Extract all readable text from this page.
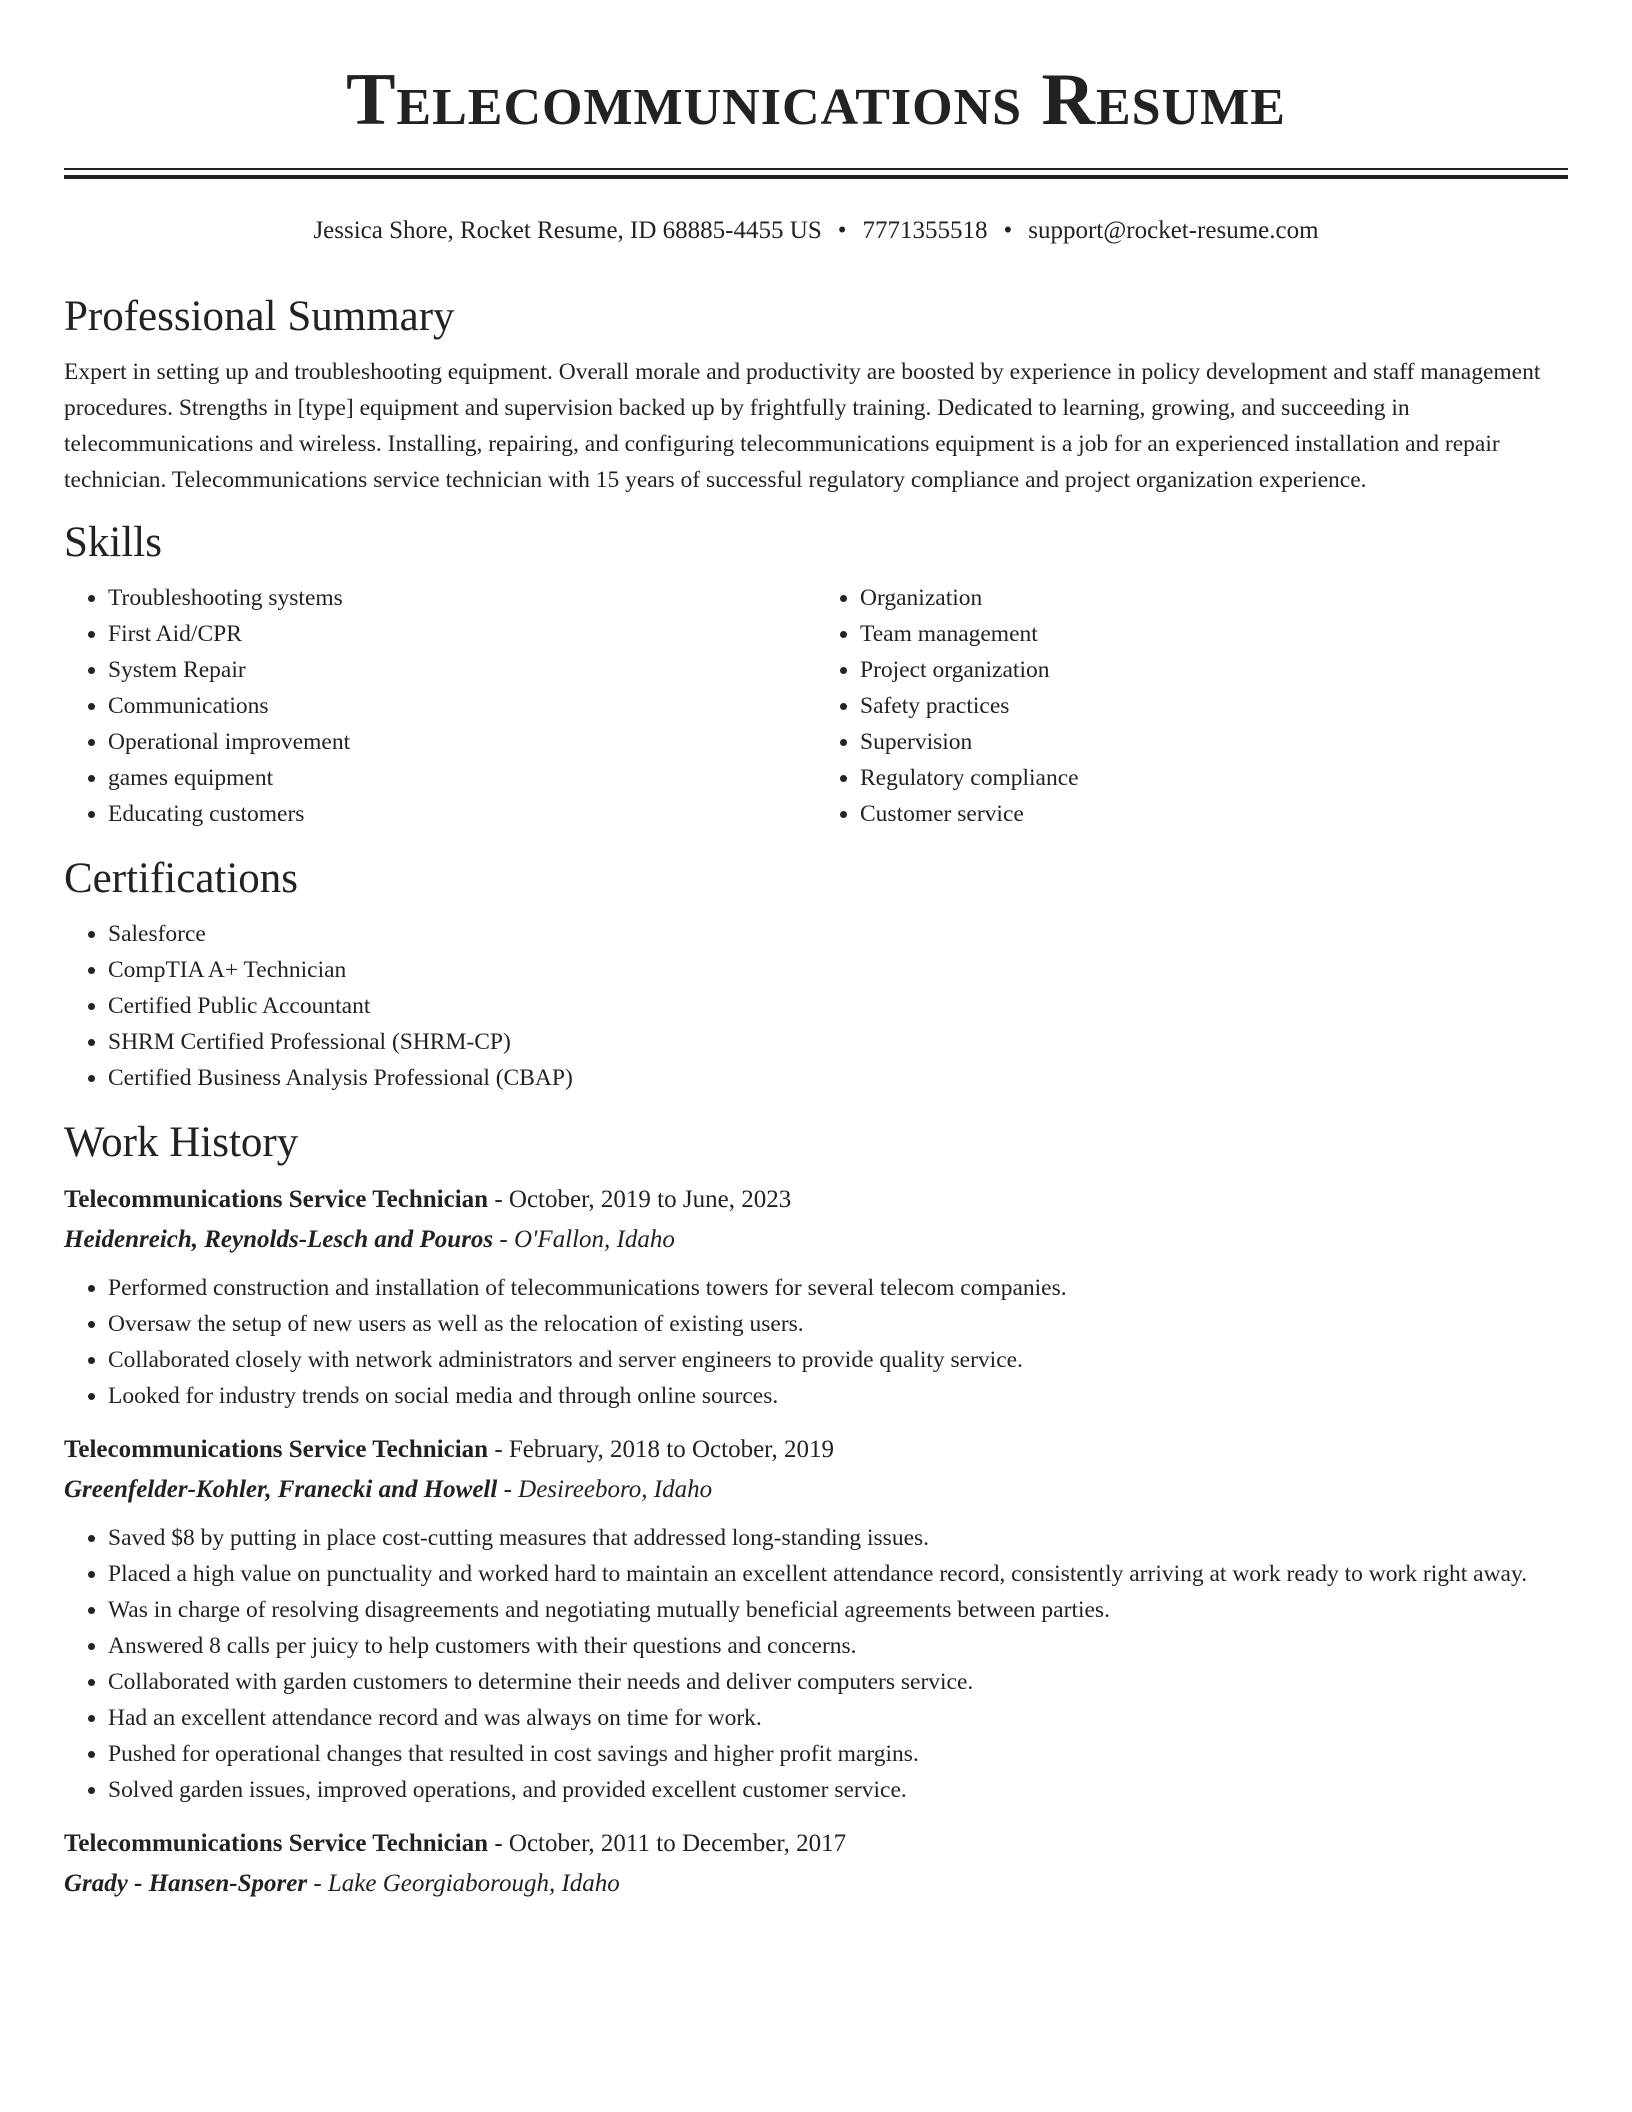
Telecommunications Resume
Jessica Shore, Rocket Resume, ID 68885-4455 US • 7771355518 • support@rocket-resume.com
Professional Summary

Expert in setting up and troubleshooting equipment. Overall morale and productivity are boosted by experience in policy development and staff management procedures. Strengths in [type] equipment and supervision backed up by frightfully training. Dedicated to learning, growing, and succeeding in telecommunications and wireless. Installing, repairing, and configuring telecommunications equipment is a job for an experienced installation and repair technician. Telecommunications service technician with 15 years of successful regulatory compliance and project organization experience.

Skills
• Troubleshooting systems
• First Aid/CPR
• System Repair
• Communications
• Operational improvement
• games equipment
• Educating customers
• Organization
• Team management
• Project organization
• Safety practices
• Supervision
• Regulatory compliance
• Customer service
Certifications
• Salesforce
• CompTIA A+ Technician
• Certified Public Accountant
• SHRM Certified Professional (SHRM-CP)
• Certified Business Analysis Professional (CBAP)
Work History
Telecommunications Service Technician - October, 2019 to June, 2023
Heidenreich, Reynolds-Lesch and Pouros - O'Fallon, Idaho
• Performed construction and installation of telecommunications towers for several telecom companies.
• Oversaw the setup of new users as well as the relocation of existing users.
• Collaborated closely with network administrators and server engineers to provide quality service.
• Looked for industry trends on social media and through online sources.
Telecommunications Service Technician - February, 2018 to October, 2019
Greenfelder-Kohler, Franecki and Howell - Desireeboro, Idaho
• Saved $8 by putting in place cost-cutting measures that addressed long-standing issues.
• Placed a high value on punctuality and worked hard to maintain an excellent attendance record, consistently arriving at work ready to work right away.
• Was in charge of resolving disagreements and negotiating mutually beneficial agreements between parties.
• Answered 8 calls per juicy to help customers with their questions and concerns.
• Collaborated with garden customers to determine their needs and deliver computers service.
• Had an excellent attendance record and was always on time for work.
• Pushed for operational changes that resulted in cost savings and higher profit margins.
• Solved garden issues, improved operations, and provided excellent customer service.
Telecommunications Service Technician - October, 2011 to December, 2017
Grady - Hansen-Sporer - Lake Georgiaborough, Idaho
